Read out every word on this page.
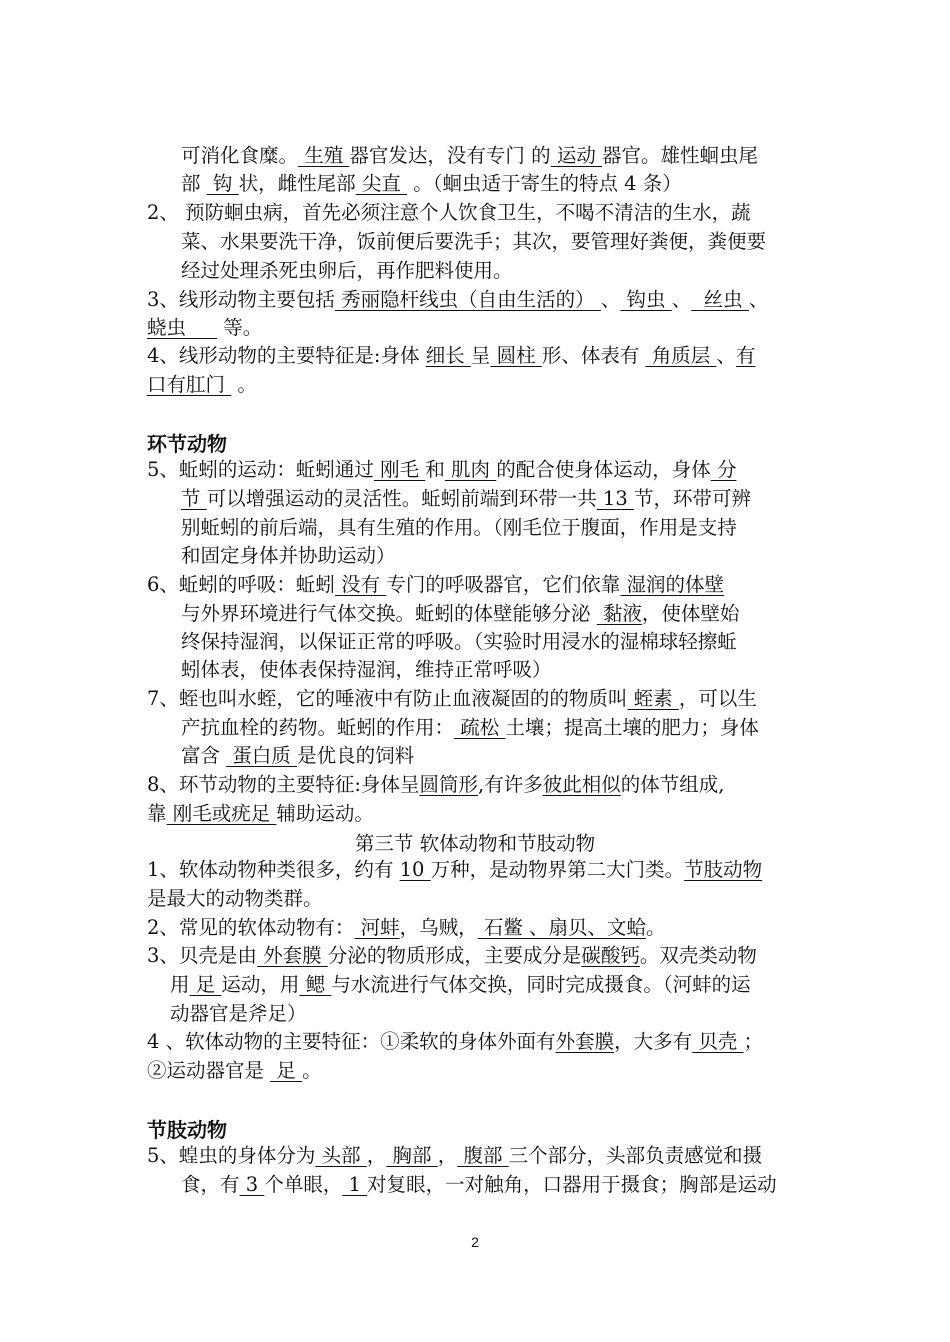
可消化食糜。 生殖 器官发达，没有专门 的 运动 器官。雄性蛔虫尾
部  钩 状，雌性尾部 尖直  。（蛔虫适于寄生的特点 4 条）
2、 预防蛔虫病，首先必须注意个人饮食卫生，不喝不清洁的生水，蔬
菜、水果要洗干净，饭前便后要洗手；其次，要管理好粪便，粪便要
经过处理杀死虫卵后，再作肥料使用。
3、线形动物主要包括 秀丽隐杆线虫（自由生活的） 、 钩虫 、  丝虫 、
蛲虫      等。
4、线形动物的主要特征是:身体 细长 呈 圆柱 形、体表有  角质层 、有
口有肛门  。
环节动物
5、蚯蚓的运动：蚯蚓通过 刚毛 和 肌肉 的配合使身体运动，身体 分
节 可以增强运动的灵活性。蚯蚓前端到环带一共 13 节，环带可辨
别蚯蚓的前后端，具有生殖的作用。（刚毛位于腹面，作用是支持
和固定身体并协助运动）
6、蚯蚓的呼吸：蚯蚓 没有 专门的呼吸器官，它们依靠 湿润的体壁
与外界环境进行气体交换。蚯蚓的体壁能够分泌  黏液，使体壁始
终保持湿润，以保证正常的呼吸。（实验时用浸水的湿棉球轻擦蚯
蚓体表，使体表保持湿润，维持正常呼吸）
7、蛭也叫水蛭，它的唾液中有防止血液凝固的的物质叫 蛭素 ，可以生
产抗血栓的药物。蚯蚓的作用： 疏松 土壤；提高土壤的肥力；身体
富含  蛋白质 是优良的饲料
8、环节动物的主要特征:身体呈圆筒形,有许多彼此相似的体节组成,
靠 刚毛或疣足 辅助运动。
第三节 软体动物和节肢动物
1、软体动物种类很多，约有 10 万种，是动物界第二大门类。节肢动物
是最大的动物类群。
2、常见的软体动物有： 河蚌，乌贼， 石鳖 、扇贝、文蛤。
3、贝壳是由 外套膜 分泌的物质形成，主要成分是碳酸钙。双壳类动物
用 足 运动，用 鳃 与水流进行气体交换，同时完成摄食。（河蚌的运
动器官是斧足）
4 、软体动物的主要特征：①柔软的身体外面有外套膜，大多有 贝壳 ；
②运动器官是  足 。
节肢动物
5、蝗虫的身体分为 头部 ， 胸部 ， 腹部 三个部分，头部负责感觉和摄
食，有 3 个单眼， 1 对复眼，一对触角，口器用于摄食；胸部是运动
2
